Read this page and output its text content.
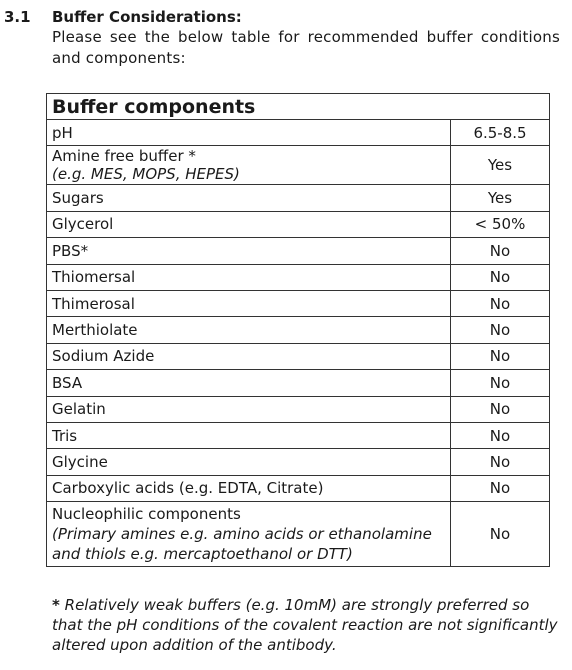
3.1 Buffer Considerations:
Please see the below table for recommended buffer conditions and components:
Buffer components	
pH	6.5-8.5
Amine free buffer *
(e.g. MES, MOPS, HEPES)	Yes
Sugars	Yes
Glycerol	< 50%
PBS*	No
Thiomersal	No
Thimerosal	No
Merthiolate	No
Sodium Azide	No
BSA	No
Gelatin	No
Tris	No
Glycine	No
Carboxylic acids (e.g. EDTA, Citrate)	No
Nucleophilic components
(Primary amines e.g. amino acids or ethanolamine and thiols e.g. mercaptoethanol or DTT)	No
* Relatively weak buffers (e.g. 10mM) are strongly preferred so that the pH conditions of the covalent reaction are not significantly altered upon addition of the antibody.
